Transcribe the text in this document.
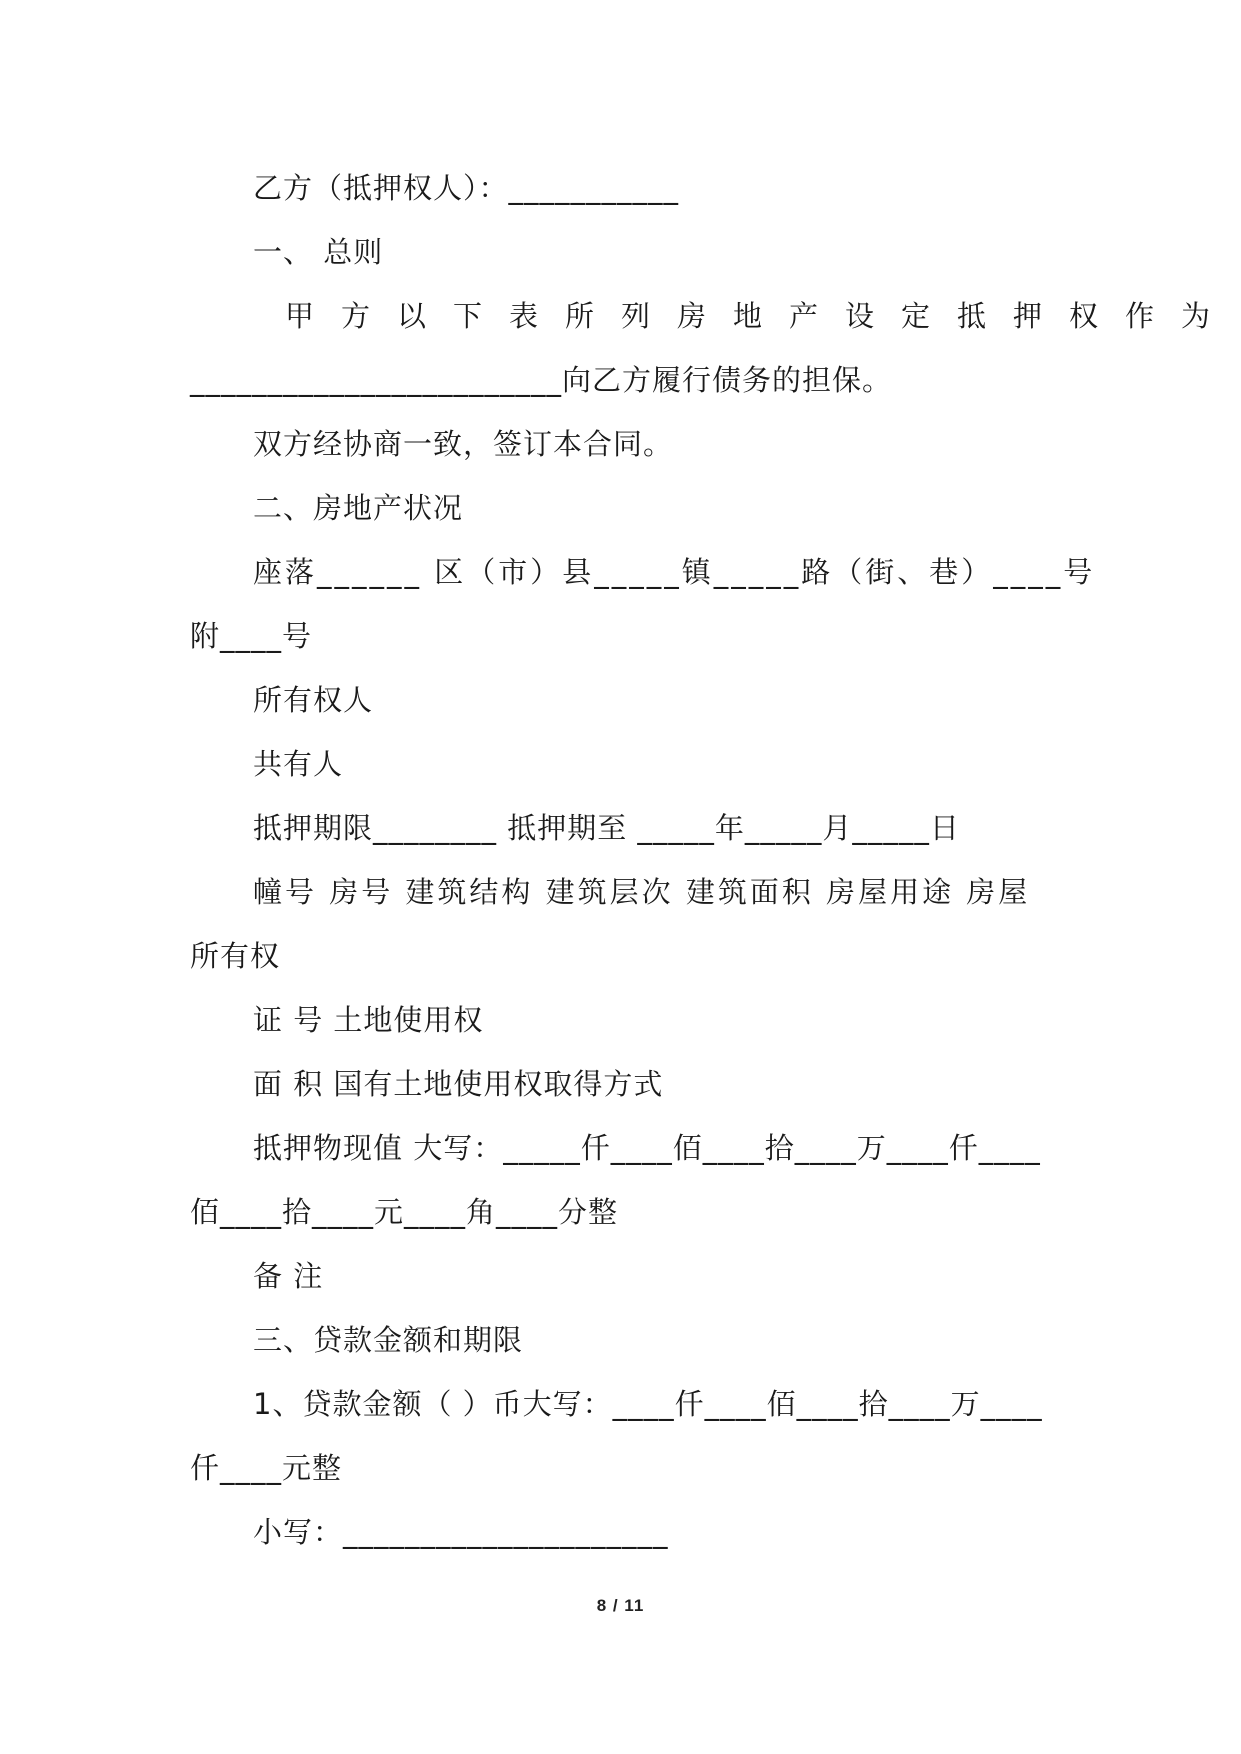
乙方（抵押权人）：___________
一、 总则
甲方以下表所列房地产设定抵押权作为
________________________向乙方履行债务的担保。
双方经协商一致，签订本合同。
二、房地产状况
座落______ 区（市）县_____镇_____路（街、巷）____号
附____号
所有权人
共有人
抵押期限________ 抵押期至 _____年_____月_____日
幢号 房号 建筑结构 建筑层次 建筑面积 房屋用途 房屋
所有权
证 号 土地使用权
面 积 国有土地使用权取得方式
抵押物现值 大写：_____仟____佰____拾____万____仟____
佰____拾____元____角____分整
备 注
三、贷款金额和期限
1、贷款金额（ ）币大写：____仟____佰____拾____万____
仟____元整
小写：_____________________
8 / 11
